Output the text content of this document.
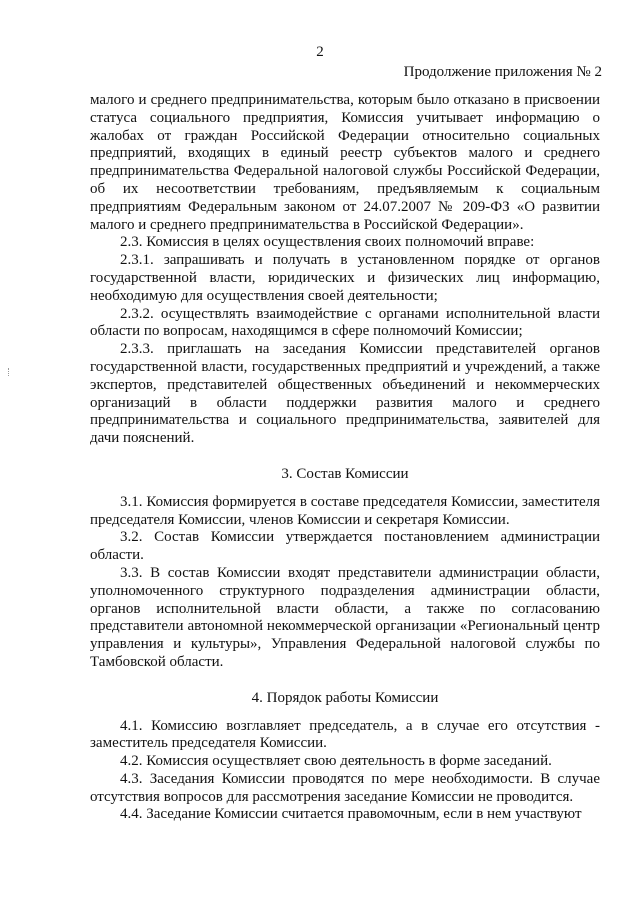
2
Продолжение приложения № 2

малого и среднего предпринимательства, которым было отказано в присвоении статуса социального предприятия, Комиссия учитывает информацию о жалобах от граждан Российской Федерации относительно социальных предприятий, входящих в единый реестр субъектов малого и среднего предпринимательства Федеральной налоговой службы Российской Федерации, об их несоответствии требованиям, предъявляемым к социальным предприятиям Федеральным законом от 24.07.2007 № 209-ФЗ «О развитии малого и среднего предпринимательства в Российской Федерации».

2.3. Комиссия в целях осуществления своих полномочий вправе:

2.3.1. запрашивать и получать в установленном порядке от органов государственной власти, юридических и физических лиц информацию, необходимую для осуществления своей деятельности;

2.3.2. осуществлять взаимодействие с органами исполнительной власти области по вопросам, находящимся в сфере полномочий Комиссии;

2.3.3. приглашать на заседания Комиссии представителей органов государственной власти, государственных предприятий и учреждений, а также экспертов, представителей общественных объединений и некоммерческих организаций в области поддержки развития малого и среднего предпринимательства и социального предпринимательства, заявителей для дачи пояснений.

3. Состав Комиссии

3.1. Комиссия формируется в составе председателя Комиссии, заместителя председателя Комиссии, членов Комиссии и секретаря Комиссии.

3.2. Состав Комиссии утверждается постановлением администрации области.

3.3. В состав Комиссии входят представители администрации области, уполномоченного структурного подразделения администрации области, органов исполнительной власти области, а также по согласованию представители автономной некоммерческой организации «Региональный центр управления и культуры», Управления Федеральной налоговой службы по Тамбовской области.

4. Порядок работы Комиссии

4.1. Комиссию возглавляет председатель, а в случае его отсутствия - заместитель председателя Комиссии.

4.2. Комиссия осуществляет свою деятельность в форме заседаний.

4.3. Заседания Комиссии проводятся по мере необходимости. В случае отсутствия вопросов для рассмотрения заседание Комиссии не проводится.

4.4. Заседание Комиссии считается правомочным, если в нем участвуют
